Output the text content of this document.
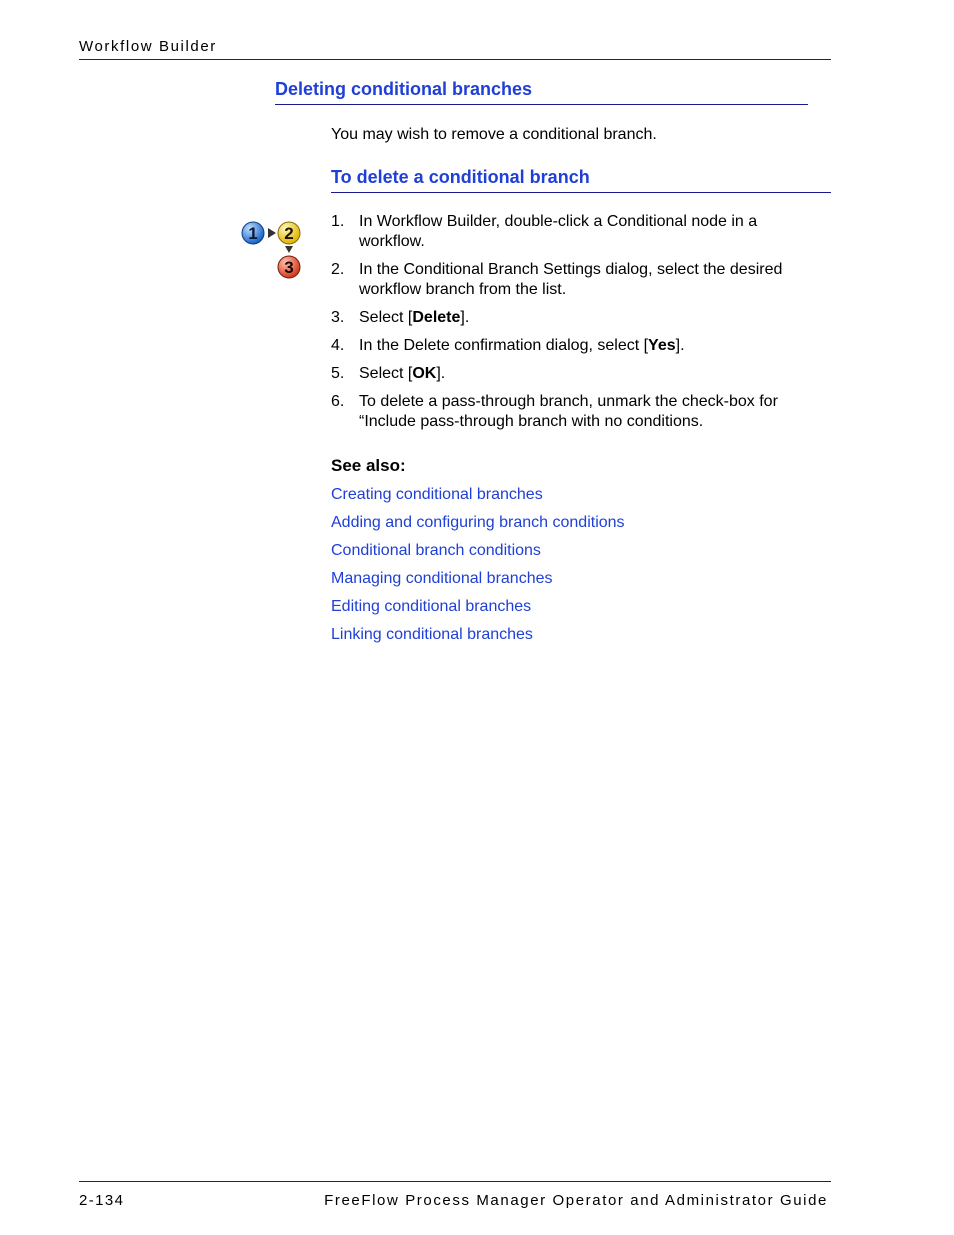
Workflow Builder
Deleting conditional branches
You may wish to remove a conditional branch.
To delete a conditional branch
1 2
3
1. In Workflow Builder, double-click a Conditional node in a workflow.
2. In the Conditional Branch Settings dialog, select the desired workflow branch from the list.
3. Select [Delete].
4. In the Delete confirmation dialog, select [Yes].
5. Select [OK].
6. To delete a pass-through branch, unmark the check-box for “Include pass-through branch with no conditions.
See also:
Creating conditional branches
Adding and configuring branch conditions
Conditional branch conditions
Managing conditional branches
Editing conditional branches
Linking conditional branches
2-134	FreeFlow Process Manager Operator and Administrator Guide
